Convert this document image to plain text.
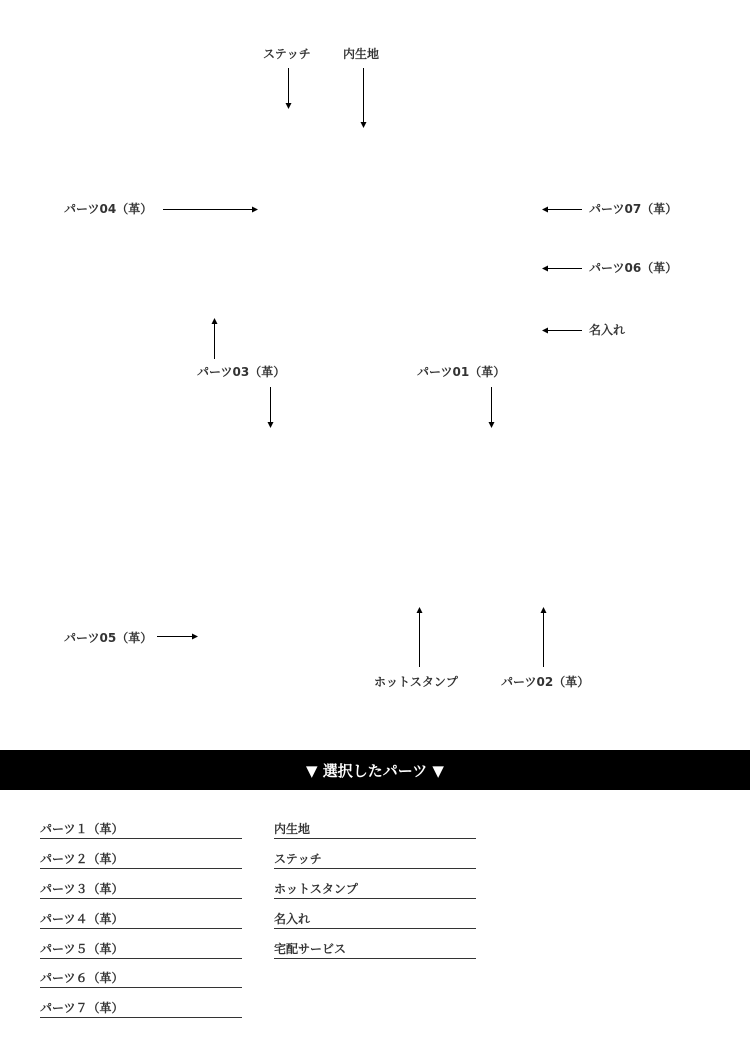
ステッチ	内生地
パーツ04（革）	パーツ07（革）
パーツ06（革）
名入れ
パーツ03（革）	パーツ01（革）
パーツ05（革）
ホットスタンプ	パーツ02（革）
▼ 選択したパーツ ▼
パーツ１（革）
パーツ２（革）
パーツ３（革）
パーツ４（革）
パーツ５（革）
パーツ６（革）
パーツ７（革）
内生地
ステッチ
ホットスタンプ
名入れ
宅配サービス
